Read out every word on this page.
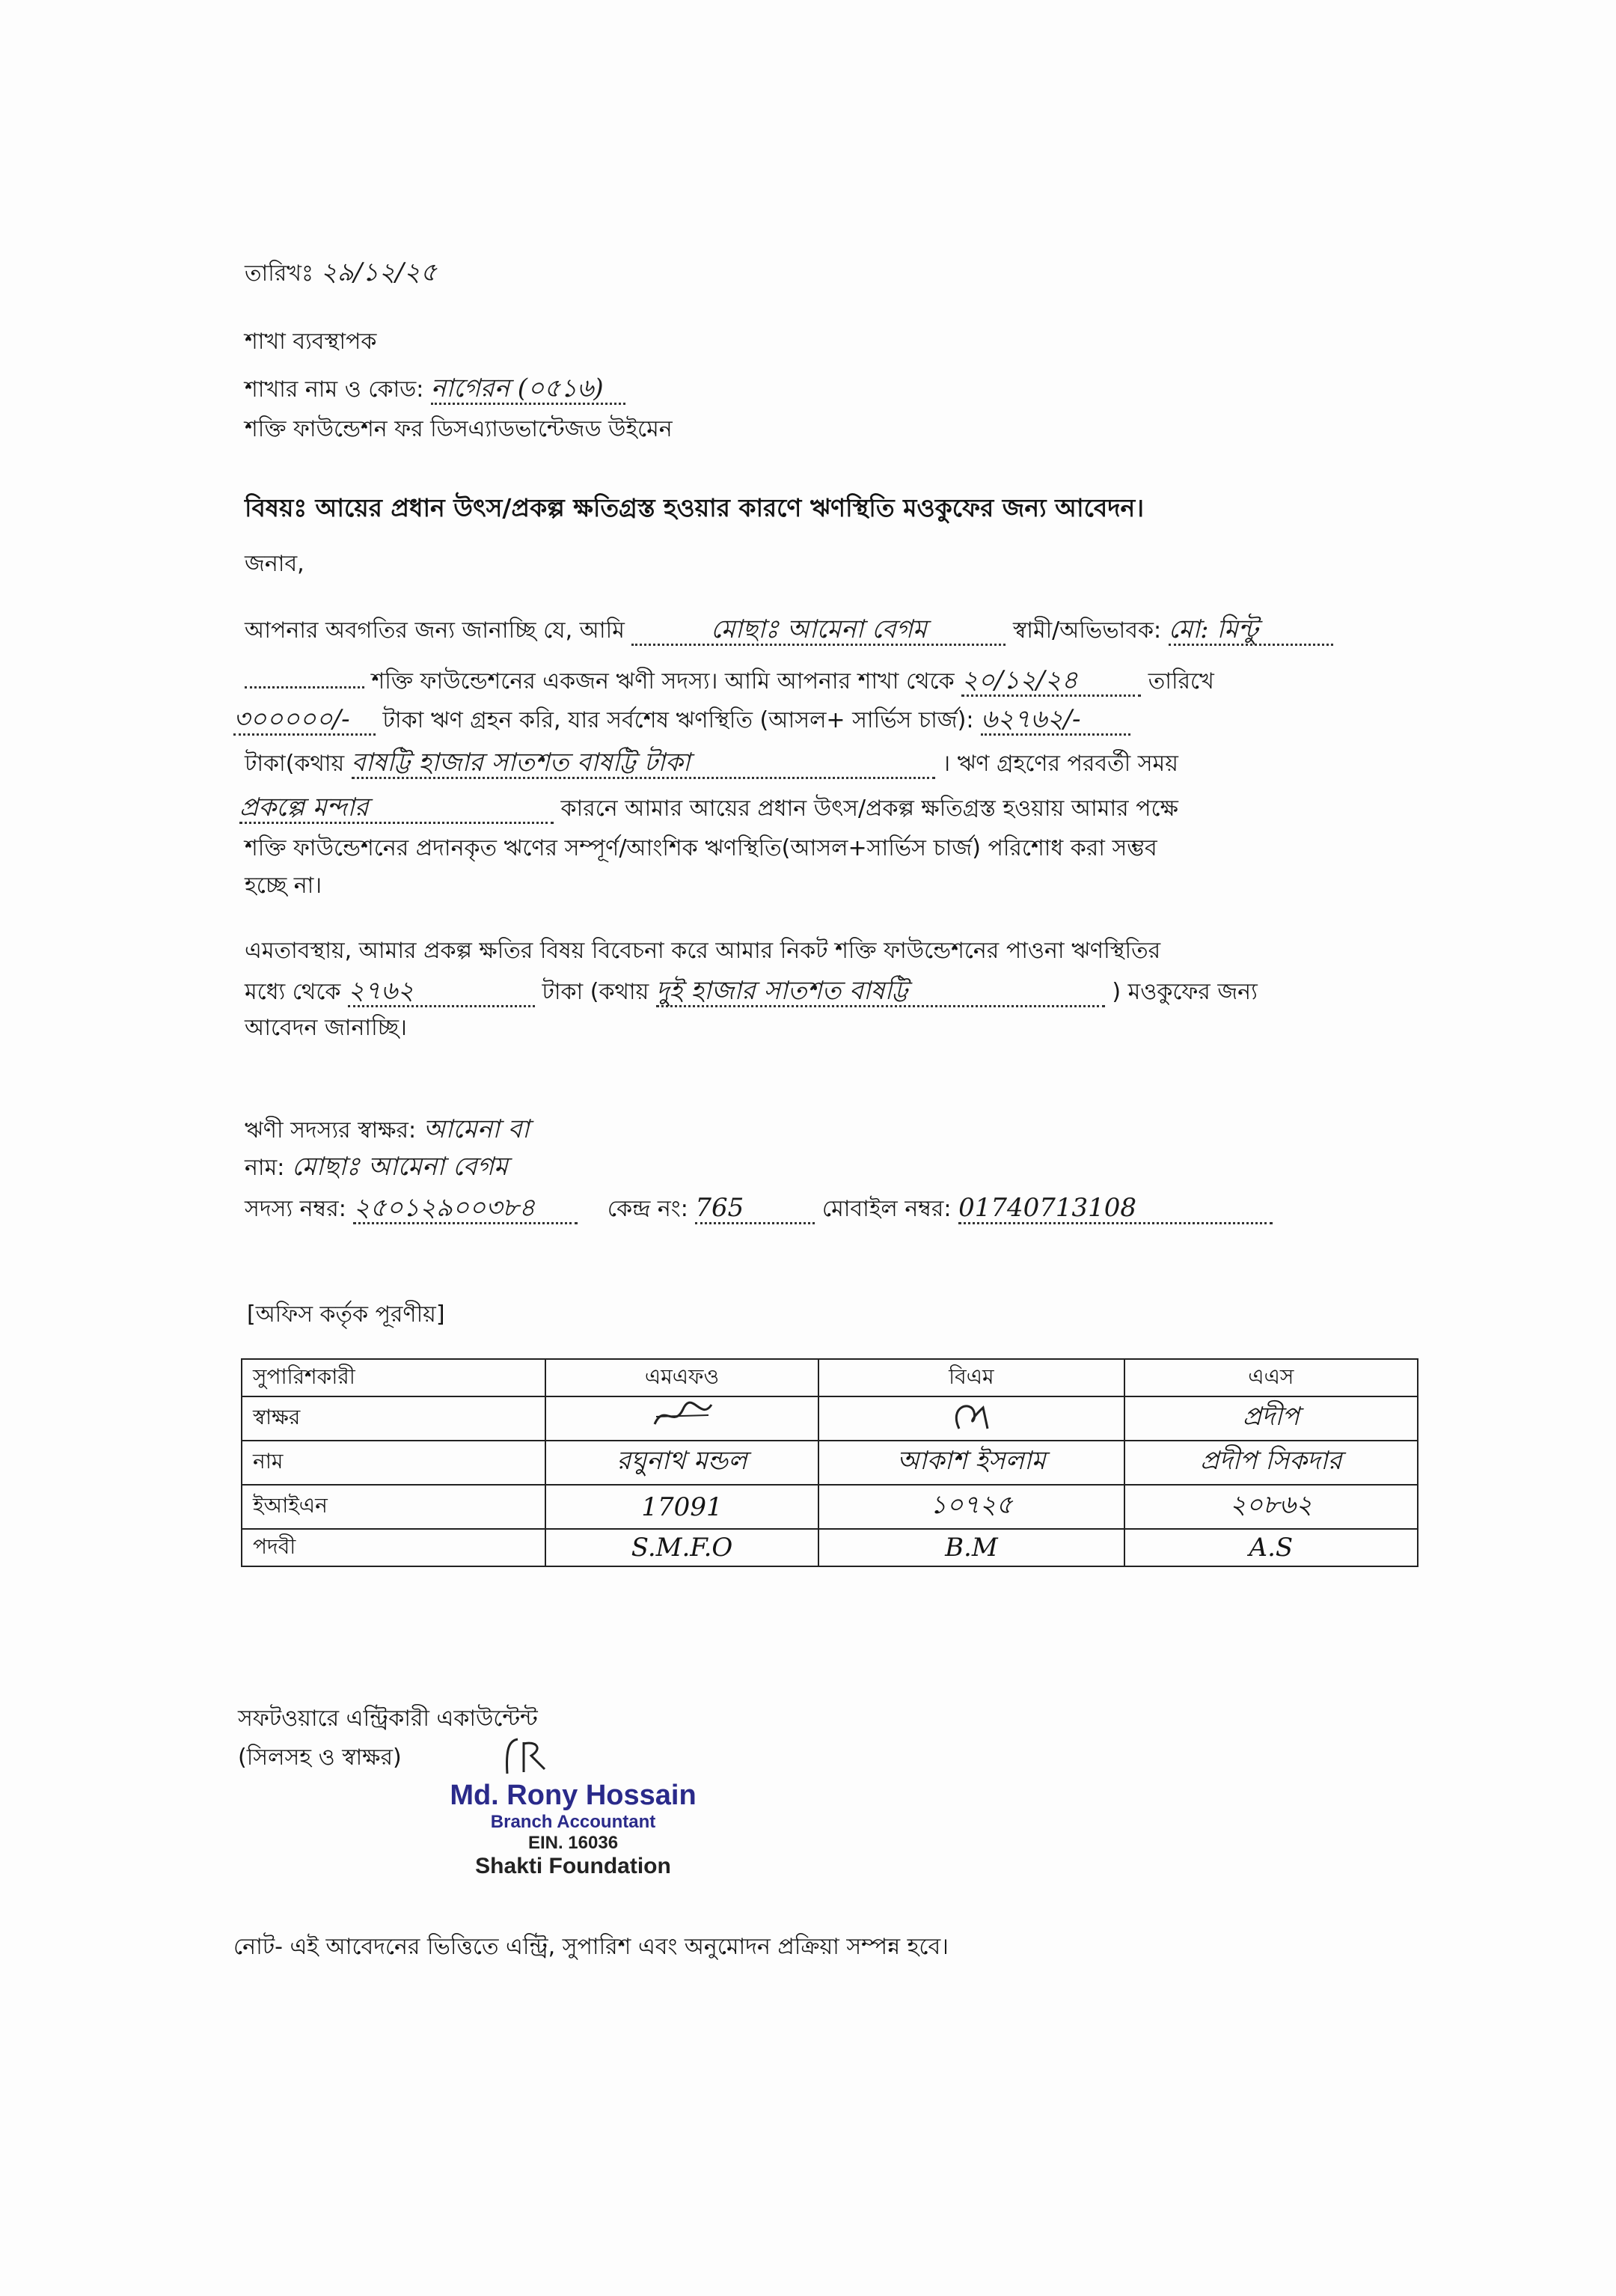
তারিখঃ ২৯/১২/২৫
শাখা ব্যবস্থাপক
শাখার নাম ও কোড: নাগেরন (০৫১৬)
শক্তি ফাউন্ডেশন ফর ডিসএ্যাডভান্টেজড উইমেন
বিষয়ঃ আয়ের প্রধান উৎস/প্রকল্প ক্ষতিগ্রস্ত হওয়ার কারণে ঋণস্থিতি মওকুফের জন্য আবেদন।
জনাব,
আপনার অবগতির জন্য জানাচ্ছি যে, আমি	মোছাঃ আমেনা বেগম	স্বামী/অভিভাবক: মো: মিন্টু
শক্তি ফাউন্ডেশনের একজন ঋণী সদস্য। আমি আপনার শাখা থেকে ২০/১২/২৪	তারিখে
৩০০০০০/- টাকা ঋণ গ্রহন করি, যার সর্বশেষ ঋণস্থিতি (আসল+ সার্ভিস চার্জ): ৬২৭৬২/-
টাকা(কথায় বাষট্টি হাজার সাতশত বাষট্টি টাকা	। ঋণ গ্রহণের পরবর্তী সময়
প্রকল্পে মন্দার	কারনে আমার আয়ের প্রধান উৎস/প্রকল্প ক্ষতিগ্রস্ত হওয়ায় আমার পক্ষে
শক্তি ফাউন্ডেশনের প্রদানকৃত ঋণের সম্পূর্ণ/আংশিক ঋণস্থিতি(আসল+সার্ভিস চার্জ) পরিশোধ করা সম্ভব
হচ্ছে না।
এমতাবস্থায়, আমার প্রকল্প ক্ষতির বিষয় বিবেচনা করে আমার নিকট শক্তি ফাউন্ডেশনের পাওনা ঋণস্থিতির
মধ্যে থেকে ২৭৬২	টাকা (কথায় দুই হাজার সাতশত বাষট্টি	) মওকুফের জন্য
আবেদন জানাচ্ছি।
ঋণী সদস্যর স্বাক্ষর: আমেনা বা
নাম: মোছাঃ আমেনা বেগম
সদস্য নম্বর: ২৫০১২৯০০৩৮৪	কেন্দ্র নং: 765	মোবাইল নম্বর: 01740713108
[অফিস কর্তৃক পূরণীয়]
সুপারিশকারী	এমএফও	বিএম	এএস
স্বাক্ষর			প্রদীপ
নাম	রঘুনাথ মন্ডল	আকাশ ইসলাম	প্রদীপ সিকদার
ইআইএন	17091	১০৭২৫	২০৮৬২
পদবী	S.M.F.O	B.M	A.S
সফটওয়ারে এন্ট্রিকারী একাউন্টেন্ট
(সিলসহ ও স্বাক্ষর)
Md. Rony Hossain
Branch Accountant
EIN. 16036
Shakti Foundation
নোট- এই আবেদনের ভিত্তিতে এন্ট্রি, সুপারিশ এবং অনুমোদন প্রক্রিয়া সম্পন্ন হবে।
